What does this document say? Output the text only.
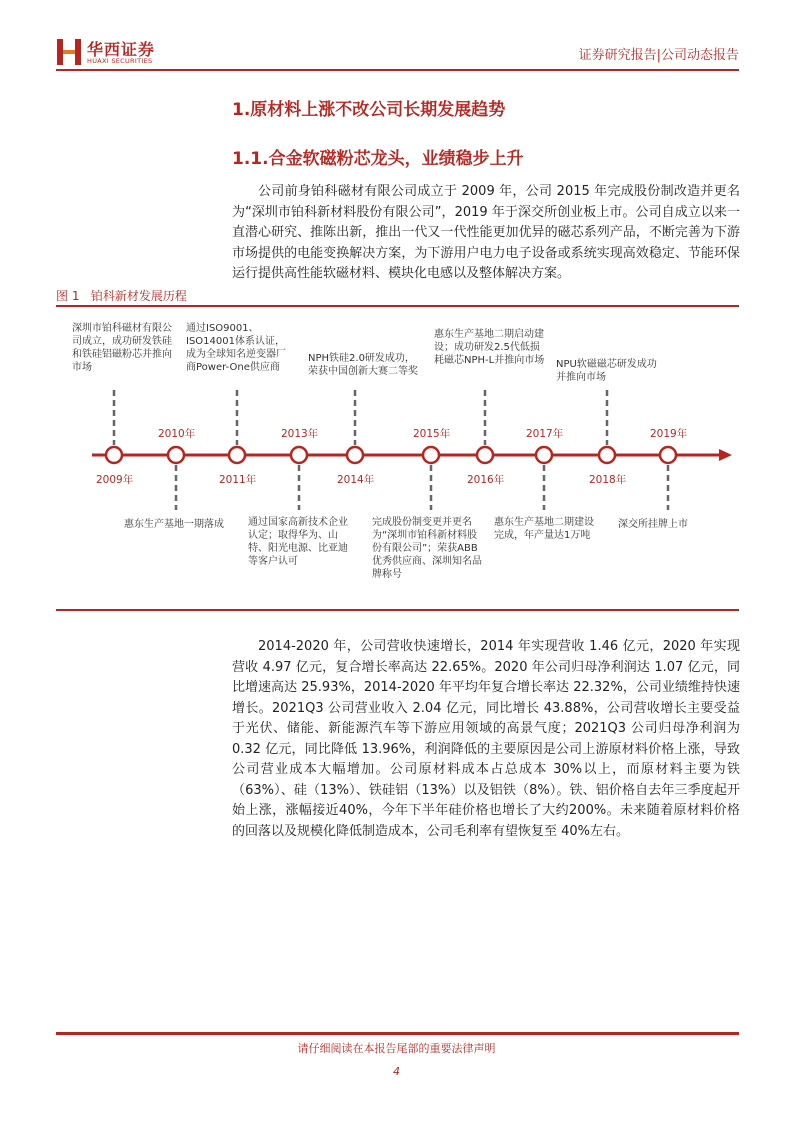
华西证券
HUAXI SECURITIES	证券研究报告|公司动态报告
1.原材料上涨不改公司长期发展趋势
1.1.合金软磁粉芯龙头，业绩稳步上升

公司前身铂科磁材有限公司成立于 2009 年，公司 2015 年完成股份制改造并更名为“深圳市铂科新材料股份有限公司”，2019 年于深交所创业板上市。公司自成立以来一直潜心研究、推陈出新，推出一代又一代性能更加优异的磁芯系列产品，不断完善为下游市场提供的电能变换解决方案，为下游用户电力电子设备或系统实现高效稳定、节能环保运行提供高性能软磁材料、模块化电感以及整体解决方案。

图 1 铂科新材发展历程
2009年
深圳市铂科磁材有限公司成立，成功研发铁硅和铁硅铝磁粉芯并推向市场
2010年
惠东生产基地一期落成
2011年
通过ISO9001、ISO14001体系认证，成为全球知名逆变器厂商Power-One供应商
2013年
通过国家高新技术企业认定；取得华为、山特、阳光电源、比亚迪等客户认可
2014年
NPH铁硅2.0研发成功，荣获中国创新大赛二等奖
2015年
完成股份制变更并更名为“深圳市铂科新材料股份有限公司”；荣获ABB优秀供应商、深圳知名品牌称号
2016年
惠东生产基地二期启动建设；成功研发2.5代低损耗磁芯NPH-L并推向市场
2017年
惠东生产基地二期建设完成，年产量达1万吨
2018年
NPU软磁磁芯研发成功并推向市场
2019年
深交所挂牌上市

2014-2020 年，公司营收快速增长，2014 年实现营收 1.46 亿元，2020 年实现营收 4.97 亿元，复合增长率高达 22.65%。2020 年公司归母净利润达 1.07 亿元，同比增速高达 25.93%，2014-2020 年平均年复合增长率达 22.32%，公司业绩维持快速增长。2021Q3 公司营业收入 2.04 亿元，同比增长 43.88%，公司营收增长主要受益于光伏、储能、新能源汽车等下游应用领域的高景气度；2021Q3 公司归母净利润为 0.32 亿元，同比降低 13.96%，利润降低的主要原因是公司上游原材料价格上涨，导致公司营业成本大幅增加。公司原材料成本占总成本 30%以上，而原材料主要为铁（63%）、硅（13%）、铁硅铝（13%）以及铝铁（8%）。铁、铝价格自去年三季度起开始上涨，涨幅接近40%，今年下半年硅价格也增长了大约200%。未来随着原材料价格的回落以及规模化降低制造成本，公司毛利率有望恢复至 40%左右。

请仔细阅读在本报告尾部的重要法律声明
4
